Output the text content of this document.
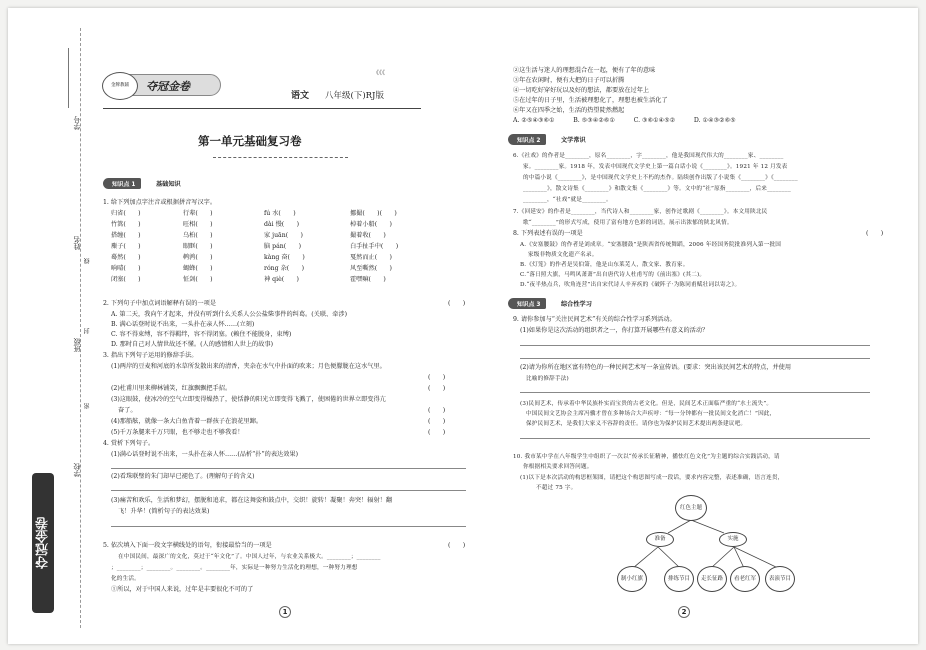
学号
姓名
班级
学校
线
封
密
夺冠金卷
金牌教辅	夺冠金卷
语文 八年级(下)RJ版
《《《
第一单元基础复习卷
知识点 1	基础知识
1. 给下列加点字注音或根据拼音写汉字。
归省(　　)	行辈(　　)	fú 水(　　)	挪撮(　　)(　　)
竹篙(　　)	旺相(　　)	dài 慢(　　)	棹着小船(　　)
搭缠(　　)	乌桕(　　)	家 juān(　　)	撮着收(　　)
麇子(　　)	眼眶(　　)	脑 pán(　　)	白手扯手中(　　)
蓦然(　　)	鹌鹑(　　)	kàng 奋(　　)	戛然而止(　　)
晌晴(　　)	蝎蜂(　　)	róng 杂(　　)	风至嘶然(　　)
闭塞(　　)	怔剑(　　)	神 qiè(　　)	霍嘿嘛(　　)
2. 下列句子中加点词语解释有误的一项是	(　　)
A. 第二天，我向午才起来，并没有听到什么关系人公公盐柴事件的纠葛。(关联、牵涉)
B. 满心话登时说不出来，一头扑在亲人怀……(立刻)
C. 容不得束缚，容不得羁绊，容不得闭塞。(赖住不能脱身，束缚)
D. 那时自己对人情世故还不懂。(人的感情和人世上的故事)
3. 指出下列句子运用的修辞手法。
(1)两岸的豆麦和河底的水草所发散出来的清香，夹杂在水气中扑面的吹来；月色便朦胧在这水气里。
(　　)
(2)杜甫川里来柳林铺笑，红旗飘飘把手招。	(　　)
(3)这眼鼓，使冰冷的空气立即变得燥热了，使恬静的阳光立即变得飞溅了，使困倦的世界立即变得亢
奋了。	(　　)
(4)那船舷，就像一条大白鱼背着一群孩子在浪花里蹿。	(　　)
(5)千万条腿来千万只眼，也不够走也不够我看！	(　　)
4. 赏析下列句子。
(1)满心话登时说不出来，一头扑在亲人怀……(品析“扑”的表达效果)
(2)看珠联璧的朱门却早已褪色了。(理解句子的含义)
(3)痛苦和欢乐，生活和梦幻，摆脱和追求，都在这舞姿和鼓点中，交织！旋转！凝聚！奔突！辐射！翻
飞！升华！(简析句子的表达效果)
5. 依次填入下面一段文字横线处的语句，衔接最恰当的一项是	(　　)
在中国民间，最深广的文化，莫过于“年文化”了。中国人过年，与农业关系极大。________；________
；________；________。________。________年，实际是一种努力生活化的理想，一种努力理想
化的生活。
①所以，对于中国人来说，过年是丰要很化不可的了
1
②这生活与迷人的理想混合在一起，便有了年的意味
③年在农闲时，便有大把的日子可以折腾
④一切吃好穿好玩以及好的想法，都要放在过年上
⑤在过年的日子里，生活被理想化了，理想也被生活化了
⑥年又在四季之始，生活的热望陡然燃起
A. ②⑤④③⑥①　　　B. ⑤③④②⑥①　　　C. ③⑥①④⑤②　　　D. ①④③②⑥⑤
知识点 2	文学常识
6.《社戏》的作者是________，原名________，字________，他是我国现代伟大的________家、________
家。________家。1918 年，发表中国现代文学史上第一篇白话小说《________》。1921 年 12 月发表
的中篇小说《________》，是中国现代文学史上不朽的杰作。陆续创作出版了小说集《________》《________
________》，散文诗集《________》和散文集《________》等。文中的“社”原指________，后来________
________，“社戏”就是________。
7.《回延安》的作者是________，当代诗人和________家，创作过歌剧《________》。本文用陕北民
歌“________”的形式写成，使用了富有地方色彩的词语，展示出浓郁的陕北风情。
8. 下列表述有误的一项是	(　　)
A.《安塞腰鼓》的作者是刘成章。“安塞腰鼓”是陕西省传统舞蹈，2006 年经国务院批准列入第一批国
家级非物质文化遗产名录。
B.《灯笼》的作者是吴伯箫，他是山东莱芜人，散文家、教育家。
C.“落日照大旗，马鸣风萧萧”出自唐代诗人杜甫写的《前出塞》(其二)。
D.“夜半热点兵，吹角连营”出自宋代诗人辛弃疾的《破阵子·为陈同甫赋壮词以寄之》。
知识点 3	综合性学习
9. 请你参加与“关注民间艺术”有关的综合性学习系列活动。
(1)如果你是这次活动的组织者之一，你打算开展哪些有意义的活动？
(2)请为你所在地区富有特色的一种民间艺术写一条宣传语。(要求：突出该民间艺术的特点，并使用
比喻的修辞手法)
(3)民间艺术，传承着中华民族朴实而宝贵的古老文化。但是，民间艺术正面临严重的“水土流失”。
中国民间文艺协会主席冯骥才曾在多种场合大声疾呼：“每一分钟都有一批民间文化消亡！”因此，
保护民间艺术，是我们大家义不容辞的责任。请你也为保护民间艺术提出两条建议吧。
10. 我市某中学在八年级学生中组织了一次以“传承长征精神，播怯红色文化”为主题的综合实践活动，请
你根据相关要求回答问题。
(1)以下是本次活动的构思框架图，请把这个构思图写成一段话，要求内容完整，表述准确，语言连贯，
不超过 75 字。
红色主题
准备	实施
制小红旗	排练节目	走长征路	看老红军	表演节目
2
